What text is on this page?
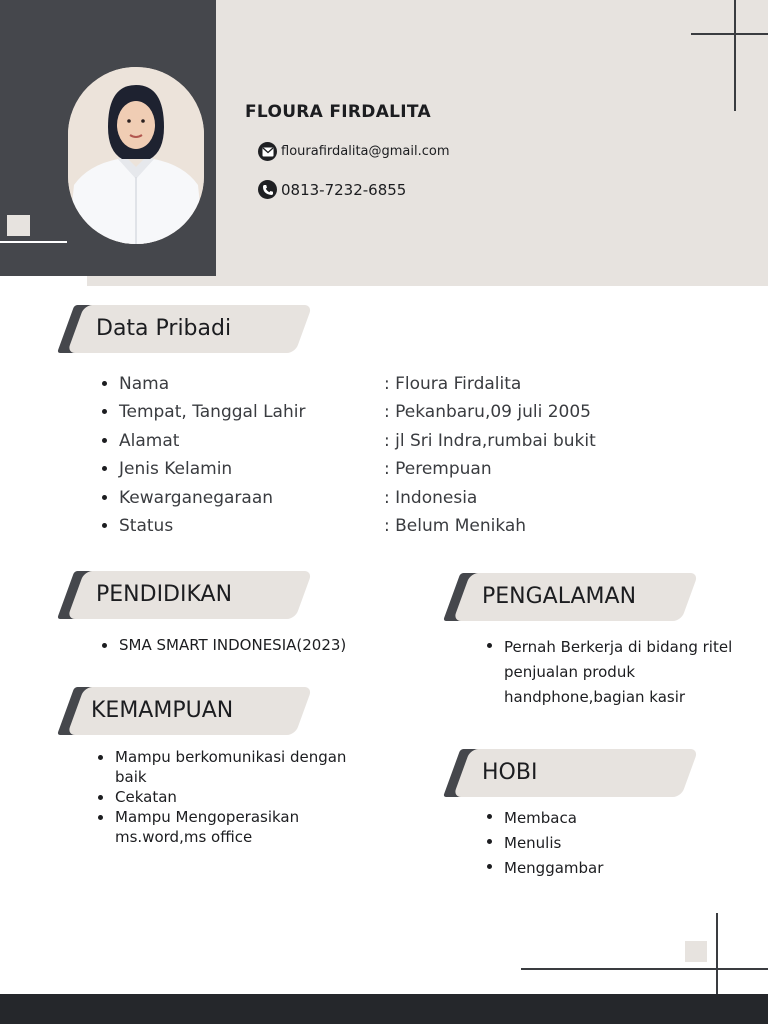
FLOURA FIRDALITA
flourafirdalita@gmail.com
0813-7232-6855
Data Pribadi
Nama
Tempat, Tanggal Lahir
Alamat
Jenis Kelamin
Kewarganegaraan
Status
: Floura Firdalita
: Pekanbaru,09 juli 2005
: jl Sri Indra,rumbai bukit
: Perempuan
: Indonesia
: Belum Menikah
PENDIDIKAN
SMA SMART INDONESIA(2023)
KEMAMPUAN
Mampu berkomunikasi dengan baik
Cekatan
Mampu Mengoperasikan ms.word,ms office
PENGALAMAN
Pernah Berkerja di bidang ritel penjualan produk handphone,bagian kasir
HOBI
Membaca
Menulis
Menggambar
